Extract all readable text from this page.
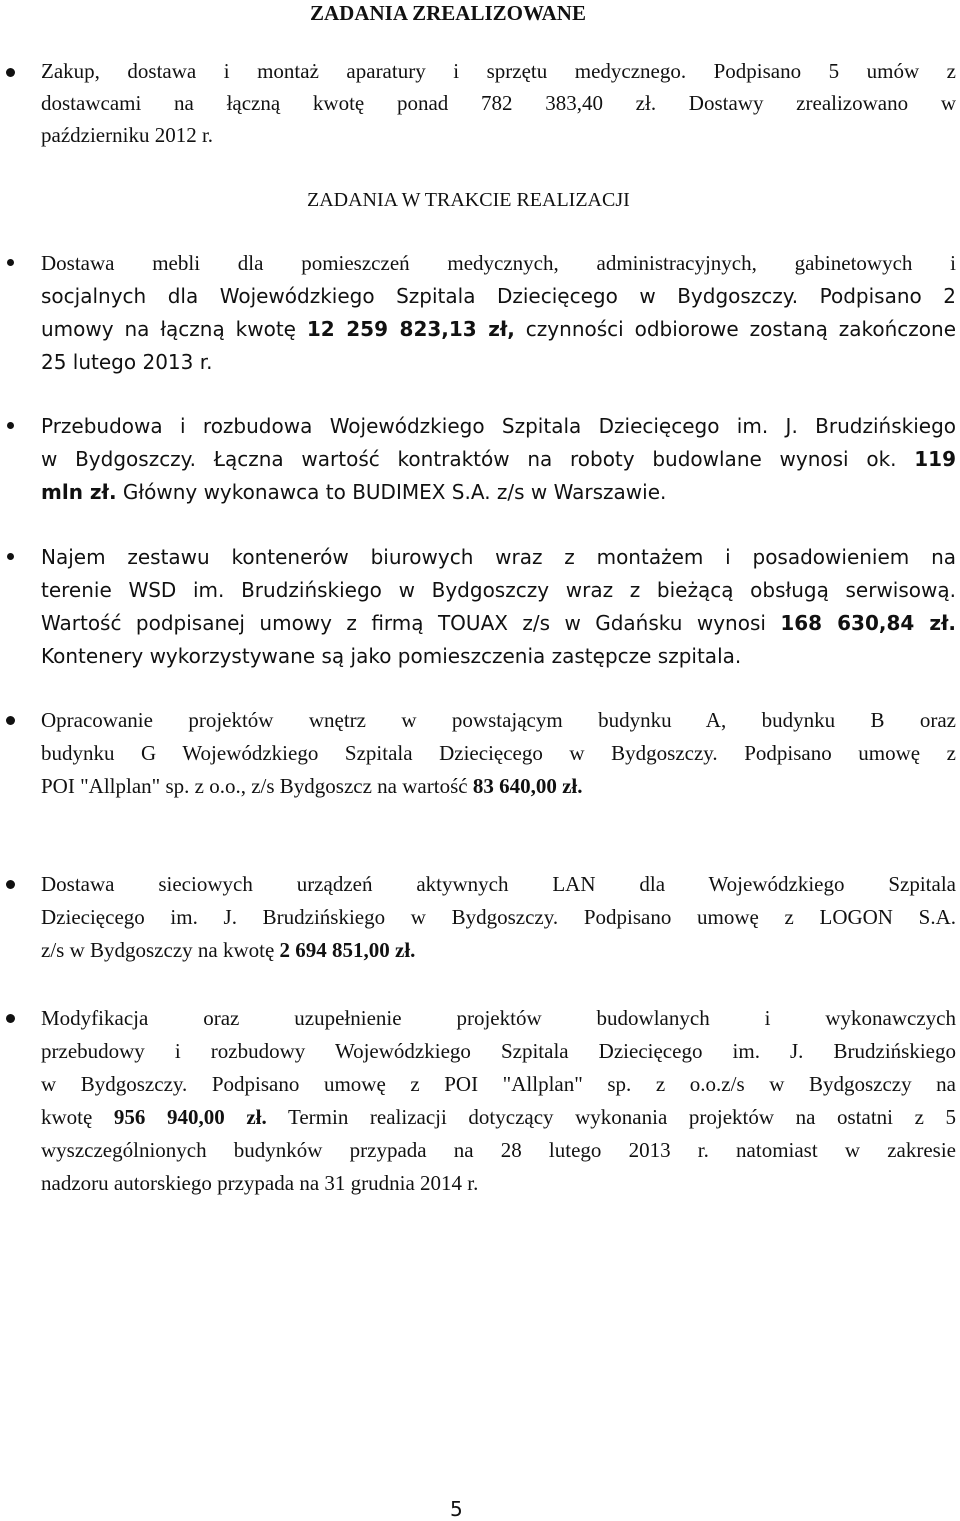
ZADANIA ZREALIZOWANE
Zakup, dostawa i montaż aparatury i sprzętu medycznego. Podpisano 5 umów z
dostawcami na łączną kwotę ponad 782 383,40 zł. Dostawy zrealizowano w
październiku 2012 r.
ZADANIA W TRAKCIE REALIZACJI
Dostawa mebli dla pomieszczeń medycznych, administracyjnych, gabinetowych i
socjalnych dla Wojewódzkiego Szpitala Dziecięcego w Bydgoszczy. Podpisano 2
umowy na łączną kwotę 12 259 823,13 zł, czynności odbiorowe zostaną zakończone
25 lutego 2013 r.
Przebudowa i rozbudowa Wojewódzkiego Szpitala Dziecięcego im. J. Brudzińskiego
w Bydgoszczy. Łączna wartość kontraktów na roboty budowlane wynosi ok. 119
mln zł. Główny wykonawca to BUDIMEX S.A. z/s w Warszawie.
Najem zestawu kontenerów biurowych wraz z montażem i posadowieniem na
terenie WSD im. Brudzińskiego w Bydgoszczy wraz z bieżącą obsługą serwisową.
Wartość podpisanej umowy z firmą TOUAX z/s w Gdańsku wynosi 168 630,84 zł.
Kontenery wykorzystywane są jako pomieszczenia zastępcze szpitala.
Opracowanie projektów wnętrz w powstającym budynku A, budynku B oraz
budynku G Wojewódzkiego Szpitala Dziecięcego w Bydgoszczy. Podpisano umowę z
POI "Allplan" sp. z o.o., z/s Bydgoszcz na wartość 83 640,00 zł.
Dostawa sieciowych urządzeń aktywnych LAN dla Wojewódzkiego Szpitala
Dziecięcego im. J. Brudzińskiego w Bydgoszczy. Podpisano umowę z LOGON S.A.
z/s w Bydgoszczy na kwotę 2 694 851,00 zł.
Modyfikacja oraz uzupełnienie projektów budowlanych i wykonawczych
przebudowy i rozbudowy Wojewódzkiego Szpitala Dziecięcego im. J. Brudzińskiego
w Bydgoszczy. Podpisano umowę z POI "Allplan" sp. z o.o.z/s w Bydgoszczy na
kwotę 956 940,00 zł. Termin realizacji dotyczący wykonania projektów na ostatni z 5
wyszczególnionych budynków przypada na 28 lutego 2013 r. natomiast w zakresie
nadzoru autorskiego przypada na 31 grudnia 2014 r.
5
